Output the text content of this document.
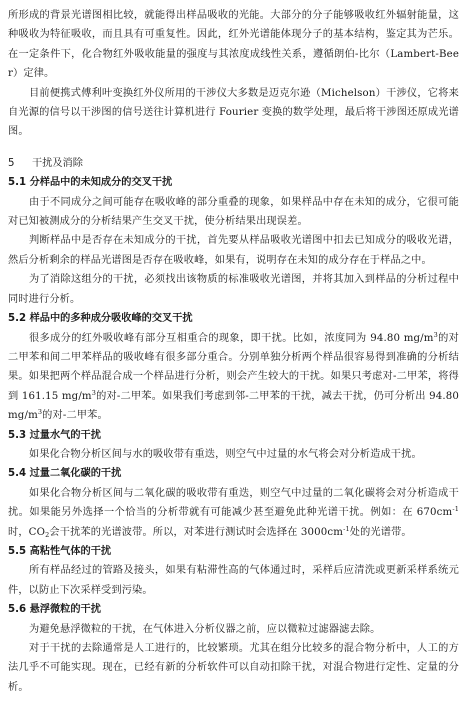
所形成的背景光谱图相比较，就能得出样品吸收的光能。大部分的分子能够吸收红外辐射能量，这种吸收为特征吸收，而且具有可重复性。因此，红外光谱能体现分子的基本结构，鉴定其为芒乐。在一定条件下，化合物红外吸收能量的强度与其浓度成线性关系，遵循朗伯-比尔（Lambert-Beer）定律。

目前便携式傅利叶变换红外仪所用的干涉仪大多数是迈克尔逊（Michelson）干涉仪，它将来自光源的信号以干涉图的信号送往计算机进行 Fourier 变换的数学处理，最后将干涉图还原成光谱图。

5 干扰及消除
5.1 分样品中的未知成分的交叉干扰

由于不同成分之间可能存在吸收峰的部分重叠的现象，如果样品中存在未知的成分，它很可能对已知被测成分的分析结果产生交叉干扰，使分析结果出现误差。

判断样品中是否存在未知成分的干扰，首先要从样品吸收光谱图中扣去已知成分的吸收光谱，然后分析剩余的样品光谱图是否存在吸收峰，如果有，说明存在未知的成分存在于样品之中。

为了消除这组分的干扰，必须找出该物质的标准吸收光谱图，并将其加入到样品的分析过程中同时进行分析。

5.2 样品中的多种成分吸收峰的交叉干扰

很多成分的红外吸收峰有部分互相重合的现象，即干扰。比如，浓度同为 94.80 $mg/m^3$的对二甲苯和间二甲苯样品的吸收峰有很多部分重合。分别单独分析两个样品很容易得到准确的分析结果。如果把两个样品混合成一个样品进行分析，则会产生较大的干扰。如果只考虑对-二甲苯，将得到 161.15 $mg/m^3$的对-二甲苯。如果我们考虑到邻-二甲苯的干扰，减去干扰，仍可分析出 94.80 $mg/m^3$的对-二甲苯。

5.3 过量水气的干扰

如果化合物分析区间与水的吸收带有重迭，则空气中过量的水气将会对分析造成干扰。

5.4 过量二氧化碳的干扰

如果化合物分析区间与二氧化碳的吸收带有重迭，则空气中过量的二氧化碳将会对分析造成干扰。如果能另外选择一个恰当的分析带就有可能减少甚至避免此种光谱干扰。例如：在 $670cm^{-1}$时，$CO_2$会干扰苯的光谱波带。所以，对苯进行测试时会选择在 $3000cm^{-1}$处的光谱带。

5.5 高粘性气体的干扰

所有样品经过的管路及接头，如果有粘滞性高的气体通过时，采样后应清洗或更新采样系统元件，以防止下次采样受到污染。

5.6 悬浮微粒的干扰

为避免悬浮微粒的干扰，在气体进入分析仪器之前，应以微粒过滤器滤去除。

对于干扰的去除通常是人工进行的，比较繁琐。尤其在组分比较多的混合物分析中，人工的方法几乎不可能实现。现在，已经有新的分析软件可以自动扣除干扰，对混合物进行定性、定量的分析。
